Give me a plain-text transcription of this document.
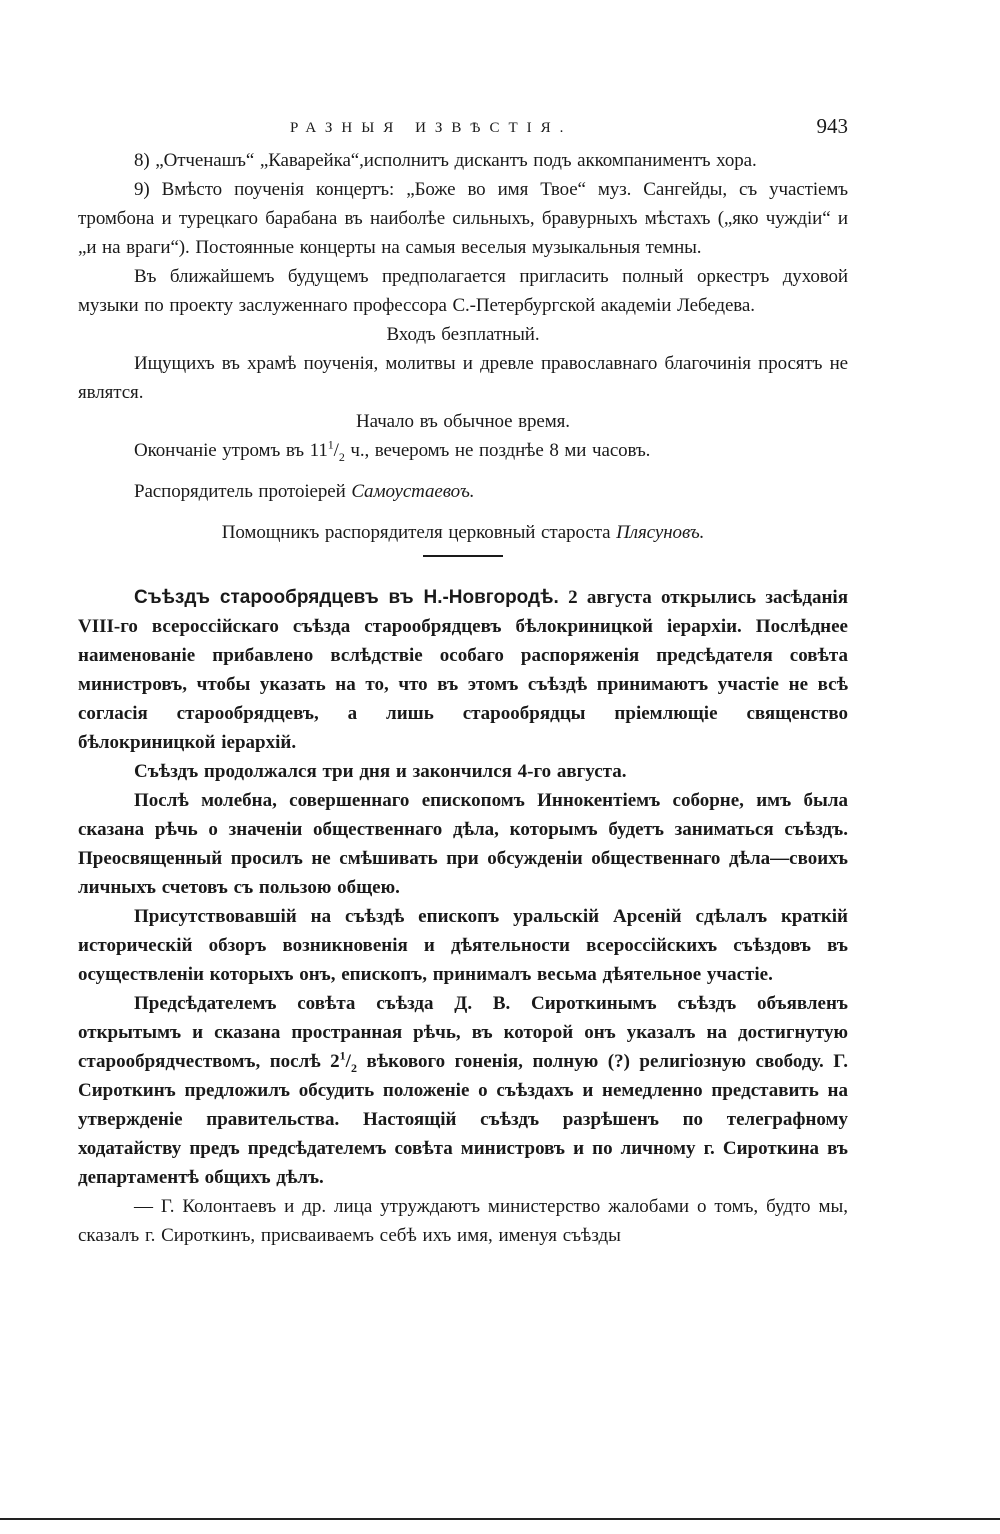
РАЗНЫЯ ИЗВѢСТІЯ.	943

8) „Отченашъ“ „Каварейка“,исполнитъ дискантъ подъ аккомпаниментъ хора.

9) Вмѣсто поученія концертъ: „Боже во имя Твое“ муз. Сангейды, съ участіемъ тромбона и турецкаго барабана въ наиболѣе сильныхъ, бравурныхъ мѣстахъ („яко чуждіи“ и „и на враги“). Постоянные концерты на самыя веселыя музыкальныя темны.

Въ ближайшемъ будущемъ предполагается пригласить полный оркестръ духовой музыки по проекту заслуженнаго профессора С.-Петербургской академіи Лебедева.

Входъ безплатный.

Ищущихъ въ храмѣ поученія, молитвы и древле православнаго благочинія просятъ не являтся.

Начало въ обычное время.

Окончаніе утромъ въ $11^1/_2$ ч., вечеромъ не позднѣе 8 ми часовъ.

Распорядитель протоіерей Самоустаевоъ.

Помощникъ распорядителя церковный староста Плясуновъ.

Съѣздъ старообрядцевъ въ Н.-Новгородѣ. 2 августа открылись засѣданія VIII-го всероссійскаго съѣзда старообрядцевъ бѣлокриницкой іерархіи. Послѣднее наименованіе прибавлено вслѣдствіе особаго распоряженія предсѣдателя совѣта министровъ, чтобы указать на то, что въ этомъ съѣздѣ принимаютъ участіе не всѣ согласія старообрядцевъ, а лишь старообрядцы пріемлющіе священство бѣлокриницкой іерархій.

Съѣздъ продолжался три дня и закончился 4-го августа.

Послѣ молебна, совершеннаго епископомъ Иннокентіемъ соборне, имъ была сказана рѣчь о значеніи общественнаго дѣла, которымъ будетъ заниматься съѣздъ. Преосвященный просилъ не смѣшивать при обсужденіи общественнаго дѣла—своихъ личныхъ счетовъ съ пользою общею.

Присутствовавшій на съѣздѣ епископъ уральскій Арсеній сдѣлалъ краткій историческій обзоръ возникновенія и дѣятельности всероссійскихъ съѣздовъ въ осуществленіи которыхъ онъ, епископъ, принималъ весьма дѣятельное участіе.

Предсѣдателемъ совѣта съѣзда Д. В. Сироткинымъ съѣздъ объявленъ открытымъ и сказана пространная рѣчь, въ которой онъ указалъ на достигнутую старообрядчествомъ, послѣ $2^1/_2$ вѣкового гоненія, полную (?) религіозную свободу. Г. Сироткинъ предложилъ обсудить положеніе о съѣздахъ и немедленно представить на утвержденіе правительства. Настоящій съѣздъ разрѣшенъ по телеграфному ходатайству предъ предсѣдателемъ совѣта министровъ и по личному г. Сироткина въ департаментѣ общихъ дѣлъ.

— Г. Колонтаевъ и др. лица утруждаютъ министерство жалобами о томъ, будто мы, сказалъ г. Сироткинъ, присваиваемъ себѣ ихъ имя, именуя съѣзды
